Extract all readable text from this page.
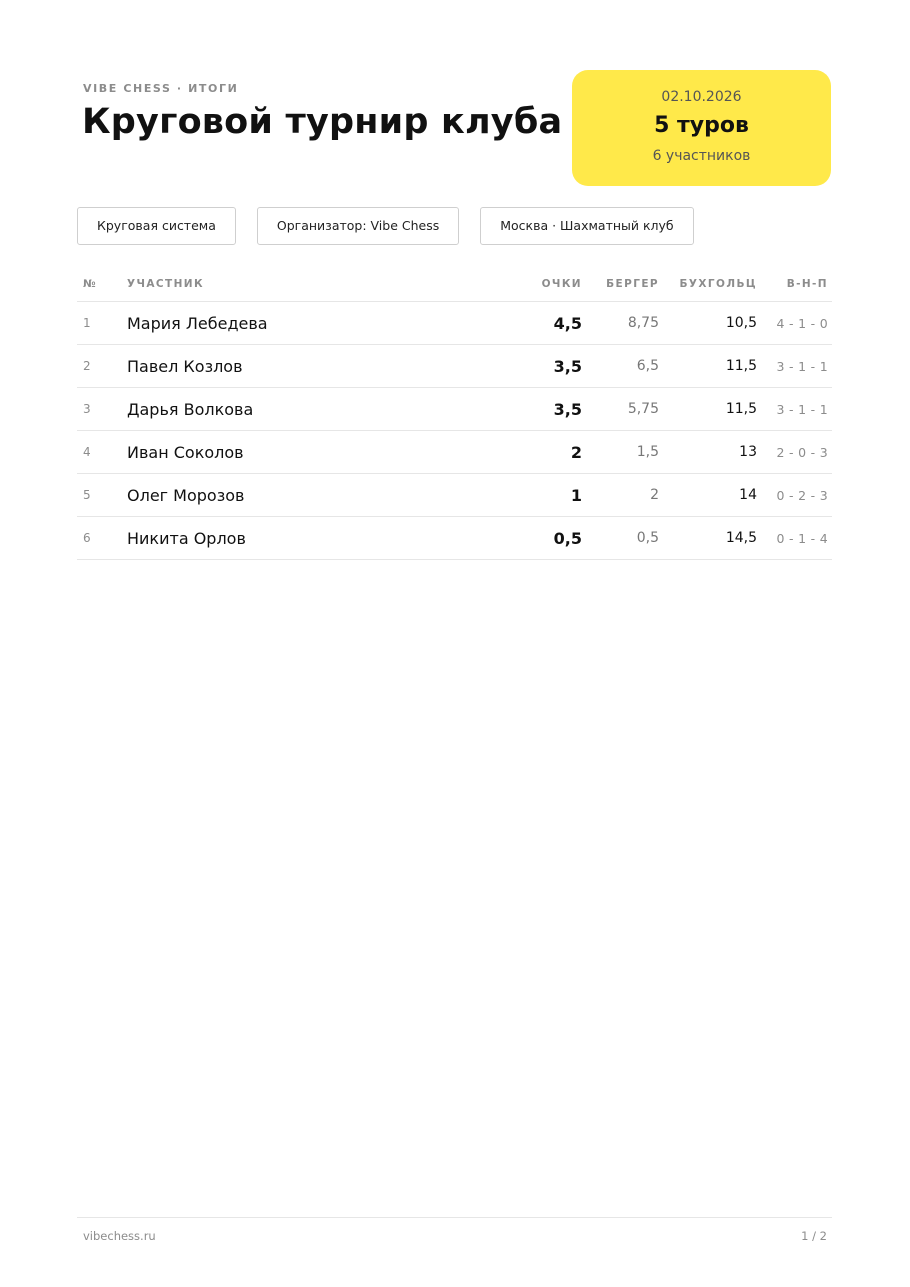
VIBE CHESS · ИТОГИ
Круговой турнир клуба
02.10.2026
5 туров
6 участников
Круговая система	Организатор: Vibe Chess	Москва · Шахматный клуб
№	УЧАСТНИК	ОЧКИ	БЕРГЕР	БУХГОЛЬЦ	В-Н-П
1	Мария Лебедева	4,5	8,75	10,5	4 - 1 - 0
2	Павел Козлов	3,5	6,5	11,5	3 - 1 - 1
3	Дарья Волкова	3,5	5,75	11,5	3 - 1 - 1
4	Иван Соколов	2	1,5	13	2 - 0 - 3
5	Олег Морозов	1	2	14	0 - 2 - 3
6	Никита Орлов	0,5	0,5	14,5	0 - 1 - 4
vibechess.ru	1 / 2
